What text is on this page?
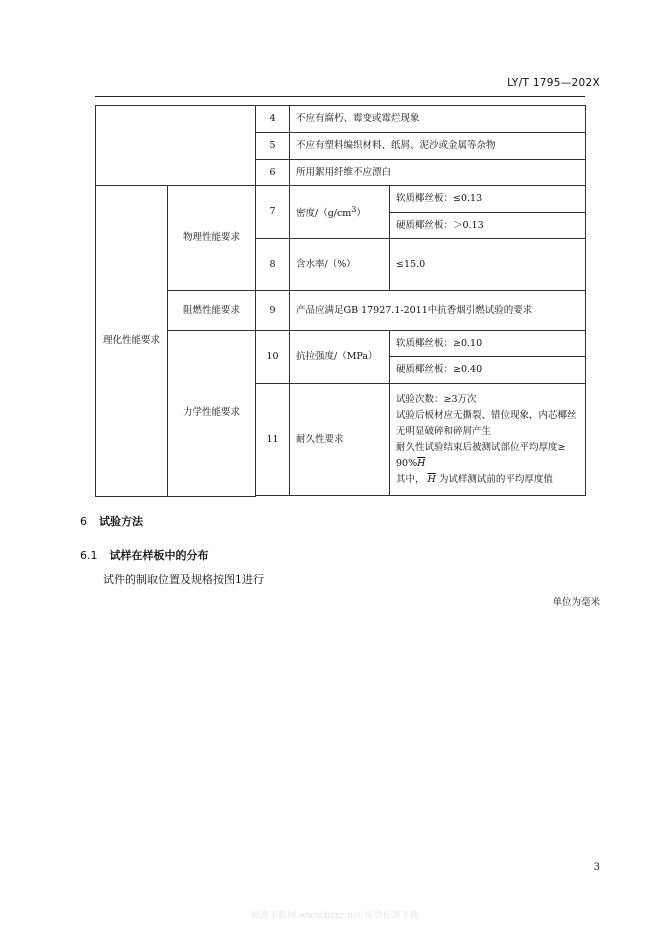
LY/T 1795—202X
		4	不应有腐朽、霉变或霉烂现象	
		5	不应有塑料编织材料、纸屑、泥沙或金属等杂物	
		6	所用絮用纤维不应漂白	
理化性能要求	物理性能要求	7	密度$/(g/cm^3)$	软质椰丝板：≤0.13
				硬质椰丝板：＞0.13
		8	含水率/（%）	≤15.0
	阻燃性能要求	9	产品应满足GB 17927.1-2011中抗香烟引燃试验的要求	
	力学性能要求	10	抗拉强度/（MPa）	软质椰丝板：≥0.10
				硬质椰丝板：≥0.40
		11	耐久性要求	试验次数：≥3万次
试验后板材应无撕裂、错位现象，内芯椰丝无明显破碎和碎屑产生
耐久性试验结束后被测试部位平均厚度≥
$90\%\overline{H}$
其中， $\overline{H}$ 为试样测试前的平均厚度值

6 试验方法
6.1 试样在样板中的分布
试件的制取位置及规格按图1进行
单位为毫米
3
标准下载网 www.bzxz.net 免费标准下载
